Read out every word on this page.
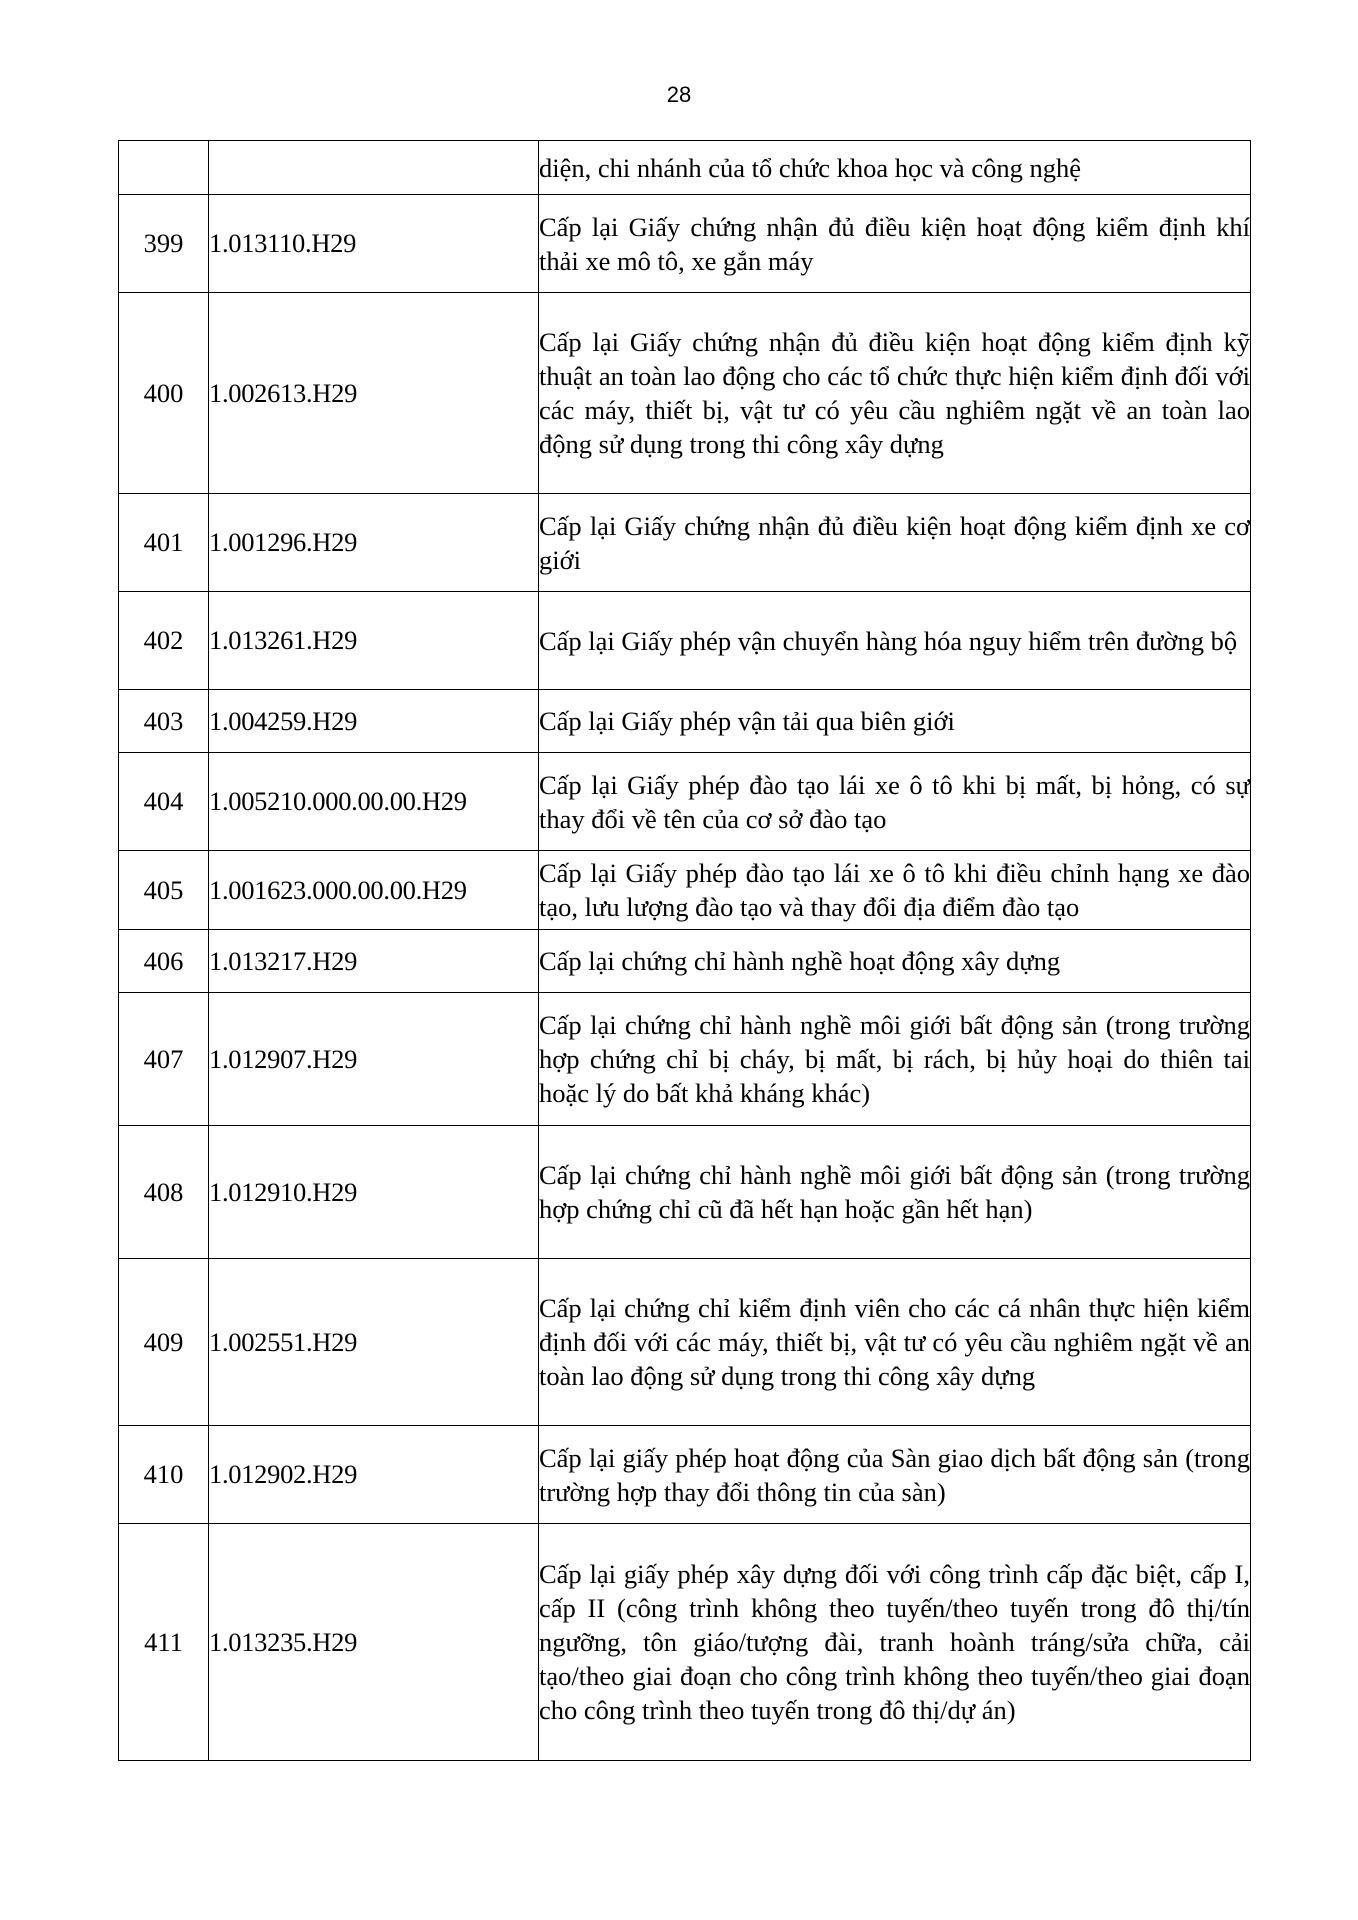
28
		diện, chi nhánh của tổ chức khoa học và công nghệ
399	1.013110.H29	Cấp lại Giấy chứng nhận đủ điều kiện hoạt động kiểm định khí thải xe mô tô, xe gắn máy
400	1.002613.H29	Cấp lại Giấy chứng nhận đủ điều kiện hoạt động kiểm định kỹ thuật an toàn lao động cho các tổ chức thực hiện kiểm định đối với các máy, thiết bị, vật tư có yêu cầu nghiêm ngặt về an toàn lao động sử dụng trong thi công xây dựng
401	1.001296.H29	Cấp lại Giấy chứng nhận đủ điều kiện hoạt động kiểm định xe cơ giới
402	1.013261.H29	Cấp lại Giấy phép vận chuyển hàng hóa nguy hiểm trên đường bộ
403	1.004259.H29	Cấp lại Giấy phép vận tải qua biên giới
404	1.005210.000.00.00.H29	Cấp lại Giấy phép đào tạo lái xe ô tô khi bị mất, bị hỏng, có sự thay đổi về tên của cơ sở đào tạo
405	1.001623.000.00.00.H29	Cấp lại Giấy phép đào tạo lái xe ô tô khi điều chỉnh hạng xe đào tạo, lưu lượng đào tạo và thay đổi địa điểm đào tạo
406	1.013217.H29	Cấp lại chứng chỉ hành nghề hoạt động xây dựng
407	1.012907.H29	Cấp lại chứng chỉ hành nghề môi giới bất động sản (trong trường hợp chứng chỉ bị cháy, bị mất, bị rách, bị hủy hoại do thiên tai hoặc lý do bất khả kháng khác)
408	1.012910.H29	Cấp lại chứng chỉ hành nghề môi giới bất động sản (trong trường hợp chứng chỉ cũ đã hết hạn hoặc gần hết hạn)
409	1.002551.H29	Cấp lại chứng chỉ kiểm định viên cho các cá nhân thực hiện kiểm định đối với các máy, thiết bị, vật tư có yêu cầu nghiêm ngặt về an toàn lao động sử dụng trong thi công xây dựng
410	1.012902.H29	Cấp lại giấy phép hoạt động của Sàn giao dịch bất động sản (trong trường hợp thay đổi thông tin của sàn)
411	1.013235.H29	Cấp lại giấy phép xây dựng đối với công trình cấp đặc biệt, cấp I, cấp II (công trình không theo tuyến/theo tuyến trong đô thị/tín ngưỡng, tôn giáo/tượng đài, tranh hoành tráng/sửa chữa, cải tạo/theo giai đoạn cho công trình không theo tuyến/theo giai đoạn cho công trình theo tuyến trong đô thị/dự án)
